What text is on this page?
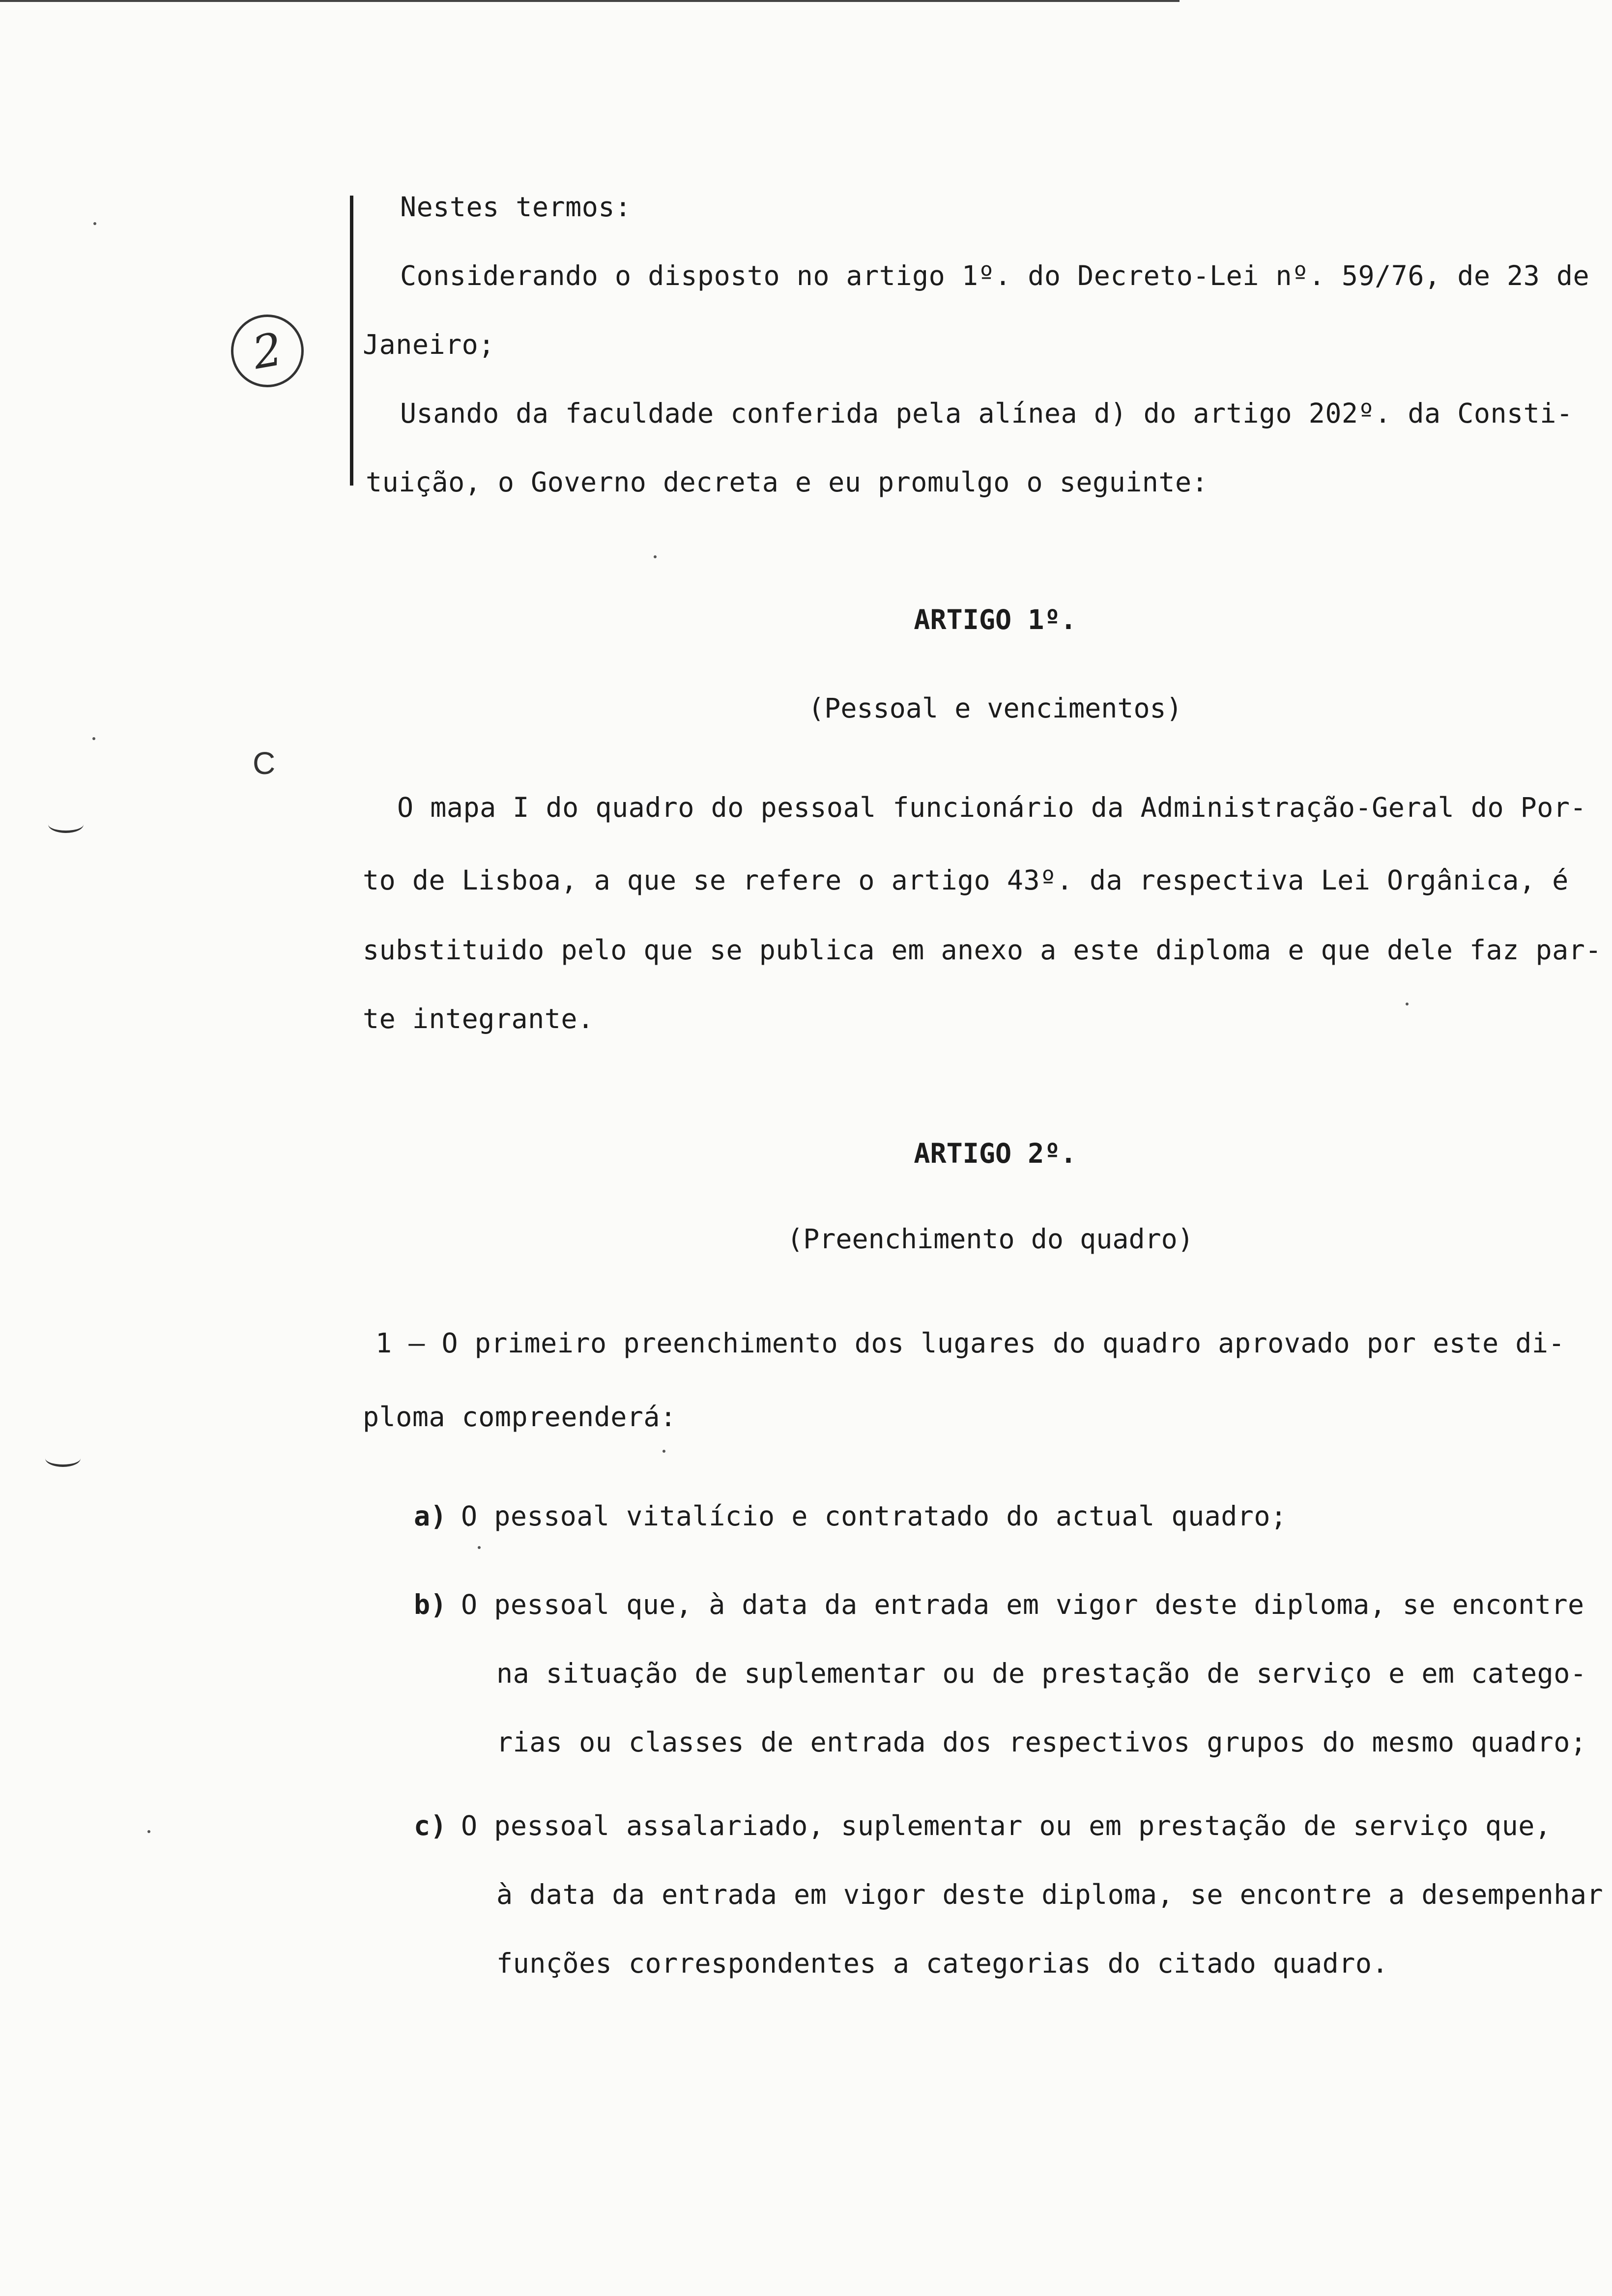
2
C
Nestes termos:
Considerando o disposto no artigo 1º. do Decreto-Lei nº. 59/76, de 23 de
Janeiro;
Usando da faculdade conferida pela alínea d) do artigo 202º. da Consti-
tuição, o Governo decreta e eu promulgo o seguinte:
ARTIGO 1º.
(Pessoal e vencimentos)
O mapa I do quadro do pessoal funcionário da Administração-Geral do Por-
to de Lisboa, a que se refere o artigo 43º. da respectiva Lei Orgânica, é
substituido pelo que se publica em anexo a este diploma e que dele faz par-
te integrante.
ARTIGO 2º.
(Preenchimento do quadro)
1 — O primeiro preenchimento dos lugares do quadro aprovado por este di-
ploma compreenderá:
a) O pessoal vitalício e contratado do actual quadro;
b) O pessoal que, à data da entrada em vigor deste diploma, se encontre
na situação de suplementar ou de prestação de serviço e em catego-
rias ou classes de entrada dos respectivos grupos do mesmo quadro;
c) O pessoal assalariado, suplementar ou em prestação de serviço que,
à data da entrada em vigor deste diploma, se encontre a desempenhar
funções correspondentes a categorias do citado quadro.
